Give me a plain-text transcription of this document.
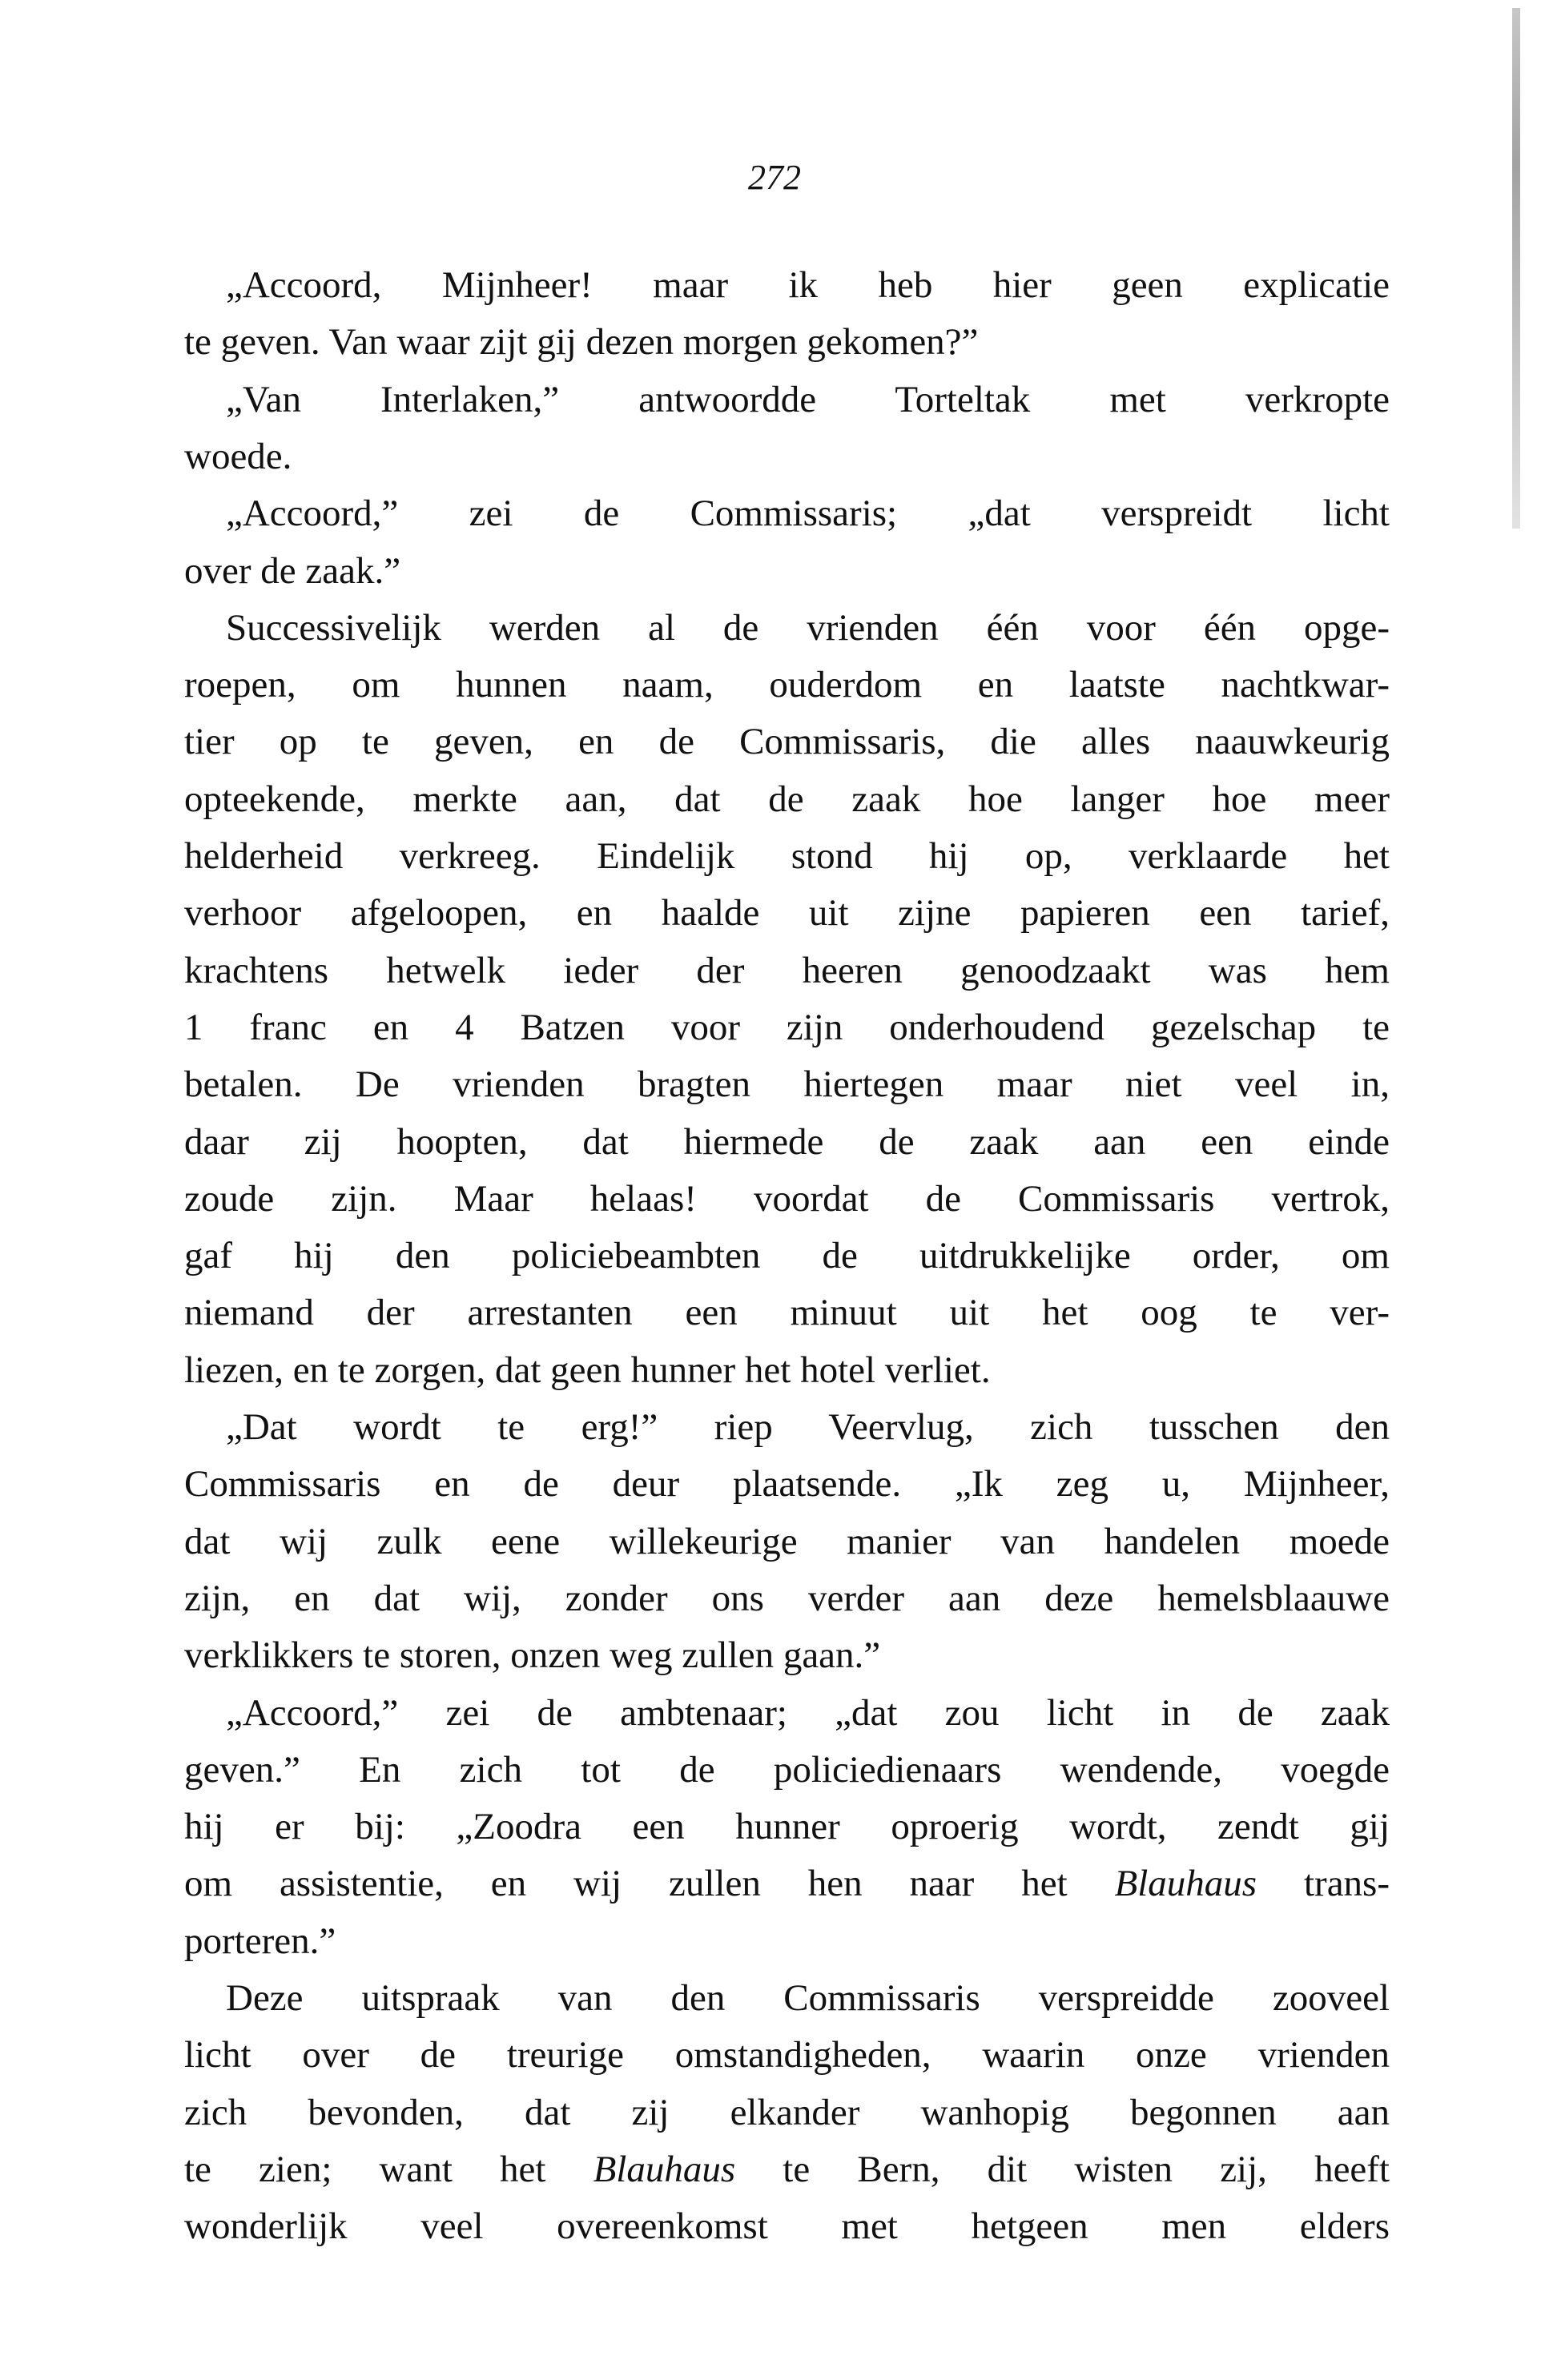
272
„Accoord, Mijnheer! maar ik heb hier geen explicatie
te geven. Van waar zijt gij dezen morgen gekomen?”
„Van Interlaken,” antwoordde Torteltak met verkropte
woede.
„Accoord,” zei de Commissaris; „dat verspreidt licht
over de zaak.”
Successivelijk werden al de vrienden één voor één opge-
roepen, om hunnen naam, ouderdom en laatste nachtkwar-
tier op te geven, en de Commissaris, die alles naauwkeurig
opteekende, merkte aan, dat de zaak hoe langer hoe meer
helderheid verkreeg. Eindelijk stond hij op, verklaarde het
verhoor afgeloopen, en haalde uit zijne papieren een tarief,
krachtens hetwelk ieder der heeren genoodzaakt was hem
1 franc en 4 Batzen voor zijn onderhoudend gezelschap te
betalen. De vrienden bragten hiertegen maar niet veel in,
daar zij hoopten, dat hiermede de zaak aan een einde
zoude zijn. Maar helaas! voordat de Commissaris vertrok,
gaf hij den policiebeambten de uitdrukkelijke order, om
niemand der arrestanten een minuut uit het oog te ver-
liezen, en te zorgen, dat geen hunner het hotel verliet.
„Dat wordt te erg!” riep Veervlug, zich tusschen den
Commissaris en de deur plaatsende. „Ik zeg u, Mijnheer,
dat wij zulk eene willekeurige manier van handelen moede
zijn, en dat wij, zonder ons verder aan deze hemelsblaauwe
verklikkers te storen, onzen weg zullen gaan.”
„Accoord,” zei de ambtenaar; „dat zou licht in de zaak
geven.” En zich tot de policiedienaars wendende, voegde
hij er bij: „Zoodra een hunner oproerig wordt, zendt gij
om assistentie, en wij zullen hen naar het Blauhaus trans-
porteren.”
Deze uitspraak van den Commissaris verspreidde zooveel
licht over de treurige omstandigheden, waarin onze vrienden
zich bevonden, dat zij elkander wanhopig begonnen aan
te zien; want het Blauhaus te Bern, dit wisten zij, heeft
wonderlijk veel overeenkomst met hetgeen men elders
